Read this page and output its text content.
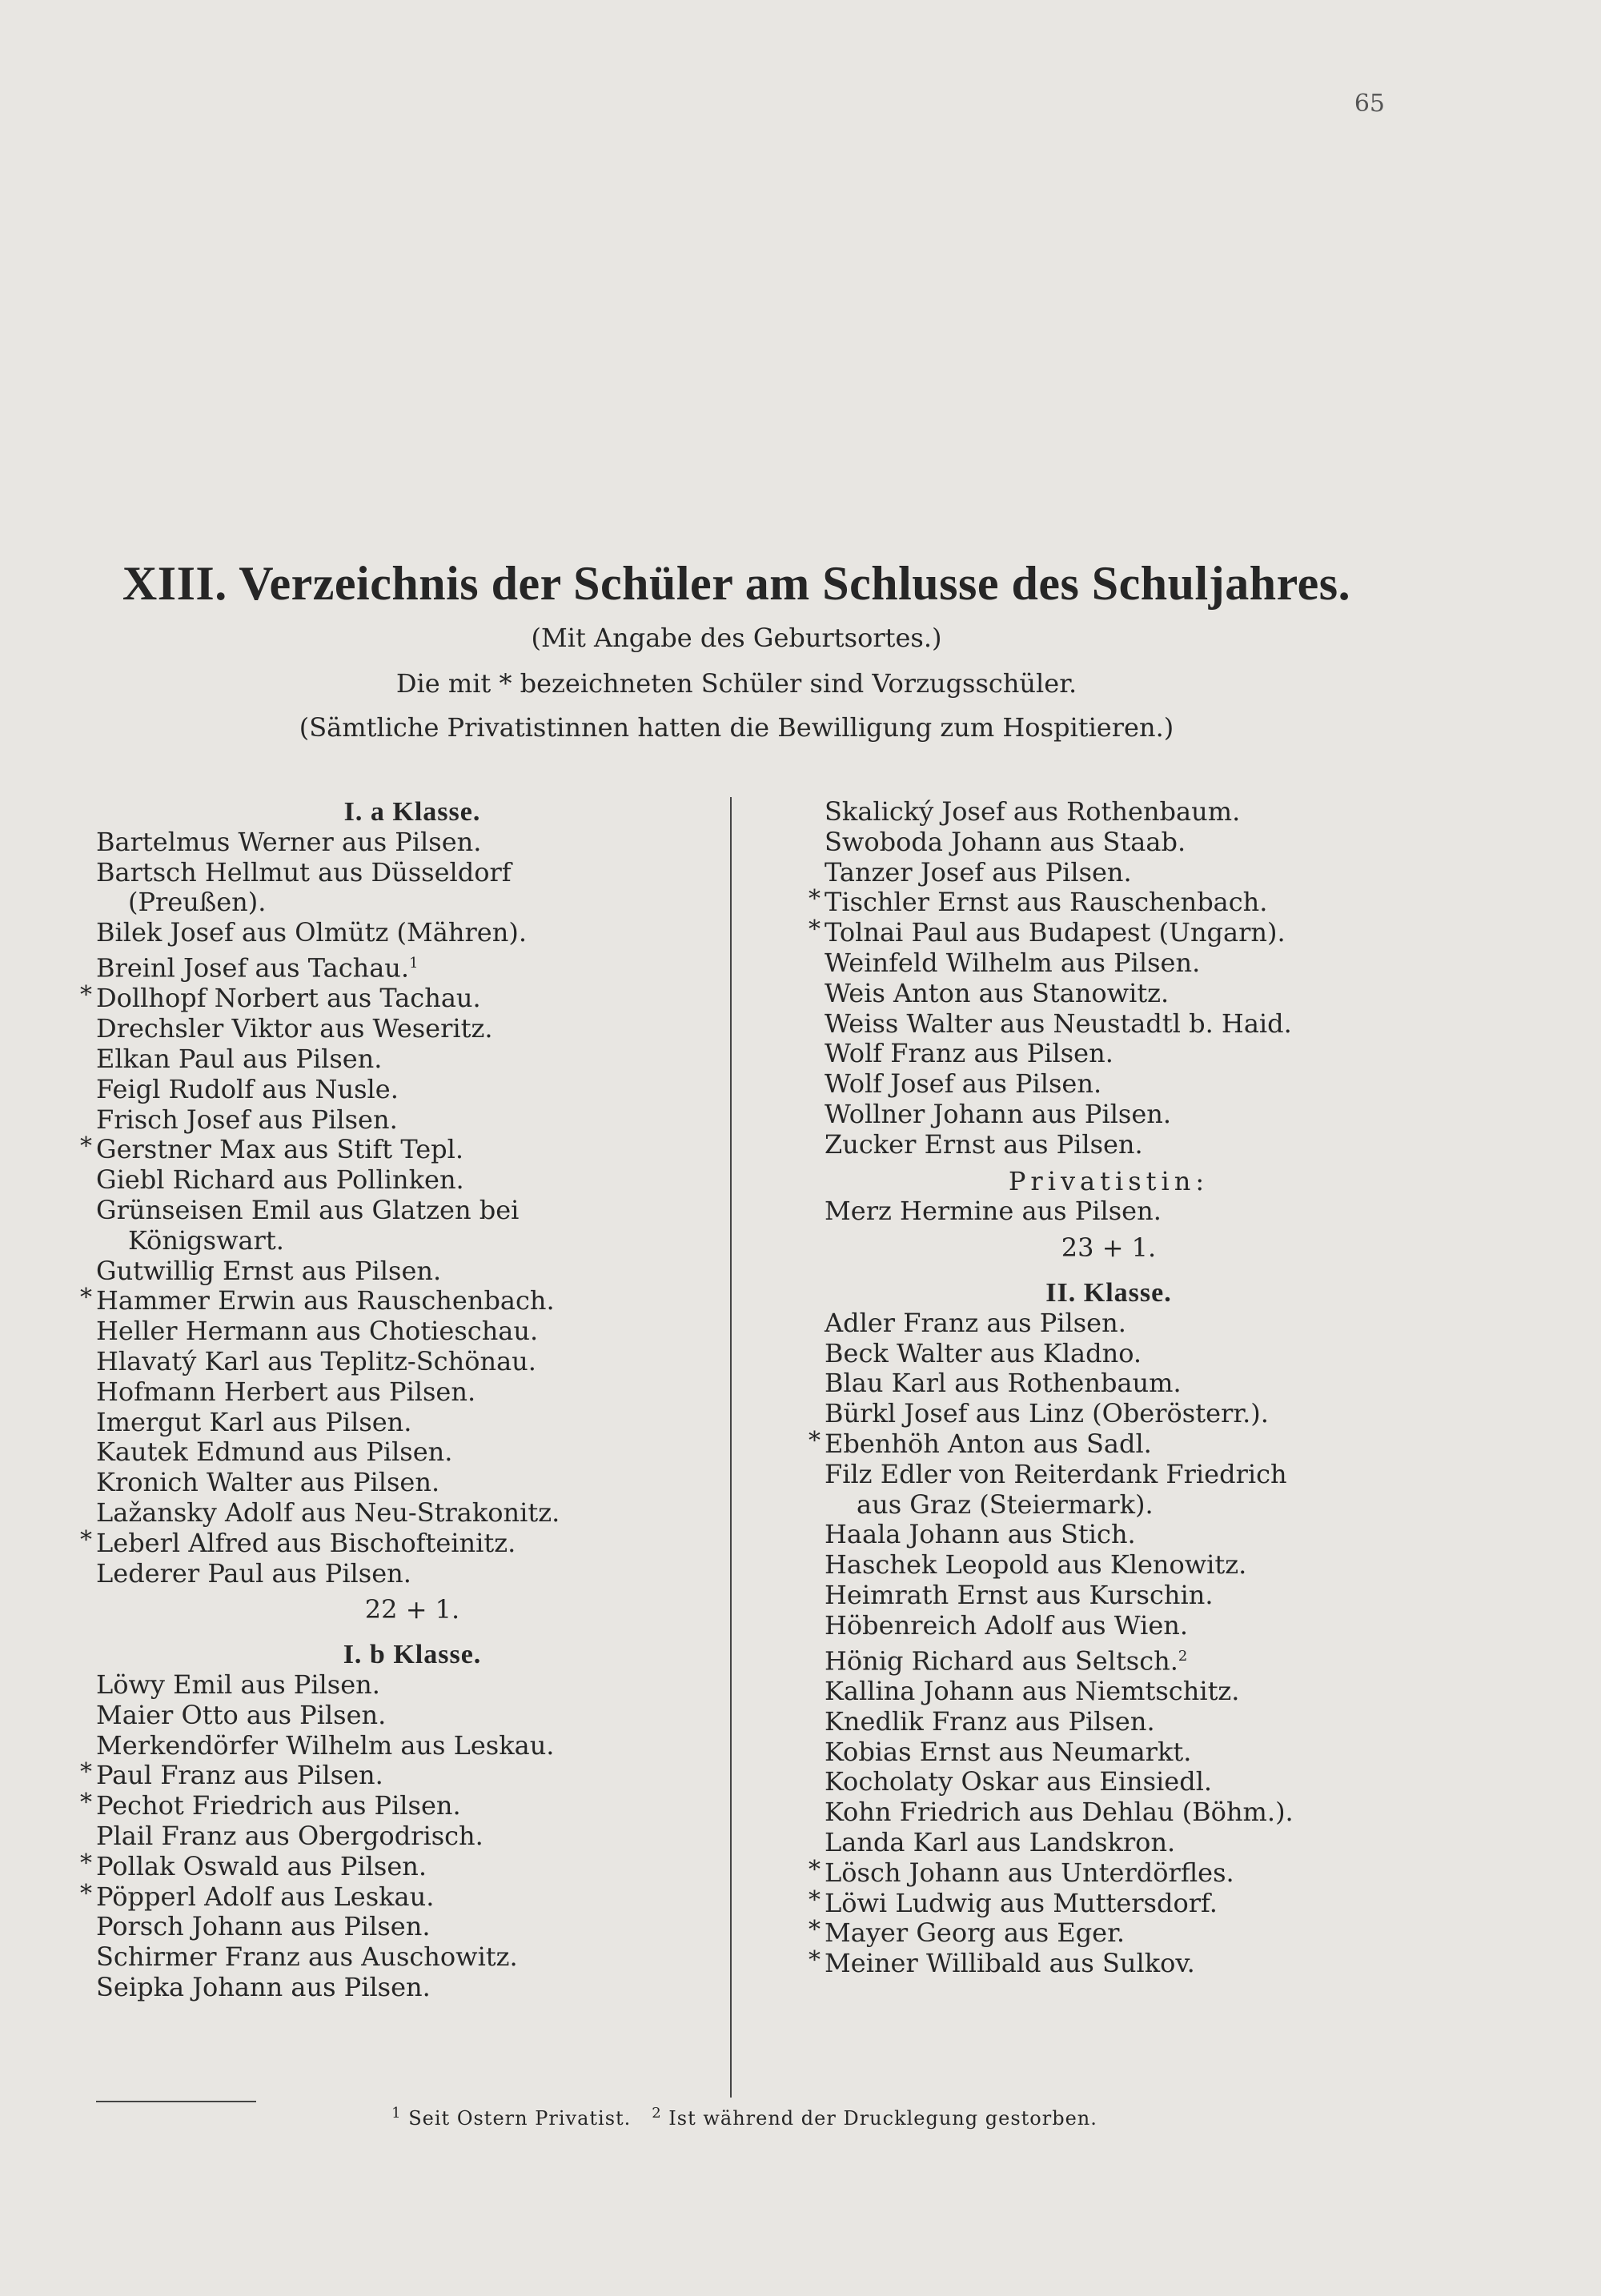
65
XIII. Verzeichnis der Schüler am Schlusse des Schuljahres.

(Mit Angabe des Geburtsortes.)

Die mit * bezeichneten Schüler sind Vorzugsschüler.

(Sämtliche Privatistinnen hatten die Bewilligung zum Hospitieren.)

I. a Klasse.
Bartelmus Werner aus Pilsen.
Bartsch Hellmut aus Düsseldorf
(Preußen).
Bilek Josef aus Olmütz (Mähren).
Breinl Josef aus Tachau.$^1$
* Dollhopf Norbert aus Tachau.
Drechsler Viktor aus Weseritz.
Elkan Paul aus Pilsen.
Feigl Rudolf aus Nusle.
Frisch Josef aus Pilsen.
* Gerstner Max aus Stift Tepl.
Giebl Richard aus Pollinken.
Grünseisen Emil aus Glatzen bei
Königswart.
Gutwillig Ernst aus Pilsen.
* Hammer Erwin aus Rauschenbach.
Heller Hermann aus Chotieschau.
Hlavatý Karl aus Teplitz-Schönau.
Hofmann Herbert aus Pilsen.
Imergut Karl aus Pilsen.
Kautek Edmund aus Pilsen.
Kronich Walter aus Pilsen.
Lažansky Adolf aus Neu-Strakonitz.
* Leberl Alfred aus Bischofteinitz.
Lederer Paul aus Pilsen.
22 + 1.
I. b Klasse.
Löwy Emil aus Pilsen.
Maier Otto aus Pilsen.
Merkendörfer Wilhelm aus Leskau.
* Paul Franz aus Pilsen.
* Pechot Friedrich aus Pilsen.
Plail Franz aus Obergodrisch.
* Pollak Oswald aus Pilsen.
* Pöpperl Adolf aus Leskau.
Porsch Johann aus Pilsen.
Schirmer Franz aus Auschowitz.
Seipka Johann aus Pilsen.
Skalický Josef aus Rothenbaum.
Swoboda Johann aus Staab.
Tanzer Josef aus Pilsen.
* Tischler Ernst aus Rauschenbach.
* Tolnai Paul aus Budapest (Ungarn).
Weinfeld Wilhelm aus Pilsen.
Weis Anton aus Stanowitz.
Weiss Walter aus Neustadtl b. Haid.
Wolf Franz aus Pilsen.
Wolf Josef aus Pilsen.
Wollner Johann aus Pilsen.
Zucker Ernst aus Pilsen.
Privatistin:
Merz Hermine aus Pilsen.
23 + 1.
II. Klasse.
Adler Franz aus Pilsen.
Beck Walter aus Kladno.
Blau Karl aus Rothenbaum.
Bürkl Josef aus Linz (Oberösterr.).
* Ebenhöh Anton aus Sadl.
Filz Edler von Reiterdank Friedrich
aus Graz (Steiermark).
Haala Johann aus Stich.
Haschek Leopold aus Klenowitz.
Heimrath Ernst aus Kurschin.
Höbenreich Adolf aus Wien.
Hönig Richard aus Seltsch.$^2$
Kallina Johann aus Niemtschitz.
Knedlik Franz aus Pilsen.
Kobias Ernst aus Neumarkt.
Kocholaty Oskar aus Einsiedl.
Kohn Friedrich aus Dehlau (Böhm.).
Landa Karl aus Landskron.
* Lösch Johann aus Unterdörfles.
* Löwi Ludwig aus Muttersdorf.
* Mayer Georg aus Eger.
* Meiner Willibald aus Sulkov.
$^1$ Seit Ostern Privatist. $^2$ Ist während der Drucklegung gestorben.
